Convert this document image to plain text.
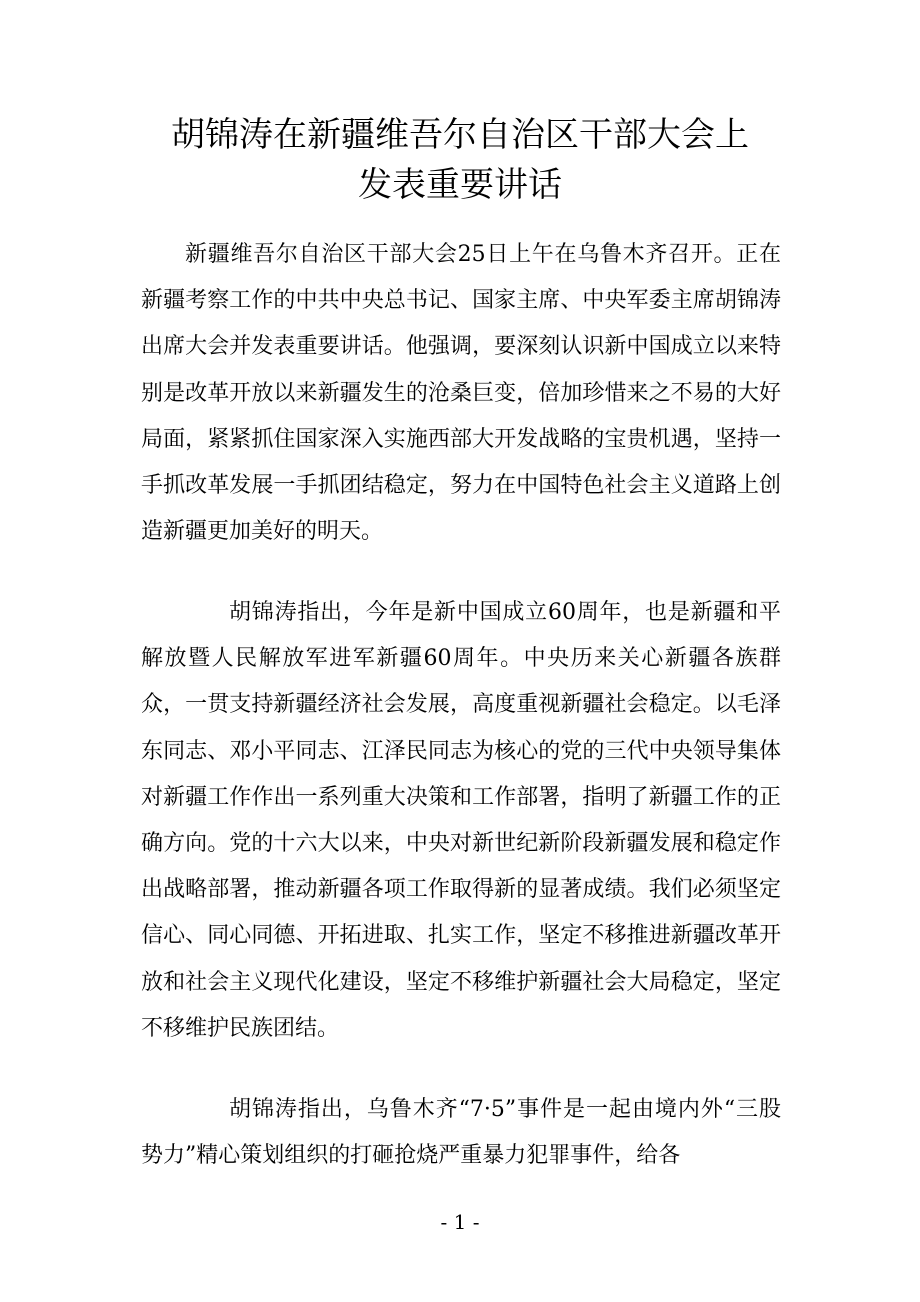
胡锦涛在新疆维吾尔自治区干部大会上
发表重要讲话

新疆维吾尔自治区干部大会25日上午在乌鲁木齐召开。正在新疆考察工作的中共中央总书记、国家主席、中央军委主席胡锦涛出席大会并发表重要讲话。他强调，要深刻认识新中国成立以来特别是改革开放以来新疆发生的沧桑巨变，倍加珍惜来之不易的大好局面，紧紧抓住国家深入实施西部大开发战略的宝贵机遇，坚持一手抓改革发展一手抓团结稳定，努力在中国特色社会主义道路上创造新疆更加美好的明天。

胡锦涛指出，今年是新中国成立60周年，也是新疆和平解放暨人民解放军进军新疆60周年。中央历来关心新疆各族群众，一贯支持新疆经济社会发展，高度重视新疆社会稳定。以毛泽东同志、邓小平同志、江泽民同志为核心的党的三代中央领导集体对新疆工作作出一系列重大决策和工作部署，指明了新疆工作的正确方向。党的十六大以来，中央对新世纪新阶段新疆发展和稳定作出战略部署，推动新疆各项工作取得新的显著成绩。我们必须坚定信心、同心同德、开拓进取、扎实工作，坚定不移推进新疆改革开放和社会主义现代化建设，坚定不移维护新疆社会大局稳定，坚定不移维护民族团结。

胡锦涛指出，乌鲁木齐“7·5”事件是一起由境内外“三股势力”精心策划组织的打砸抢烧严重暴力犯罪事件，给各

- 1 -
